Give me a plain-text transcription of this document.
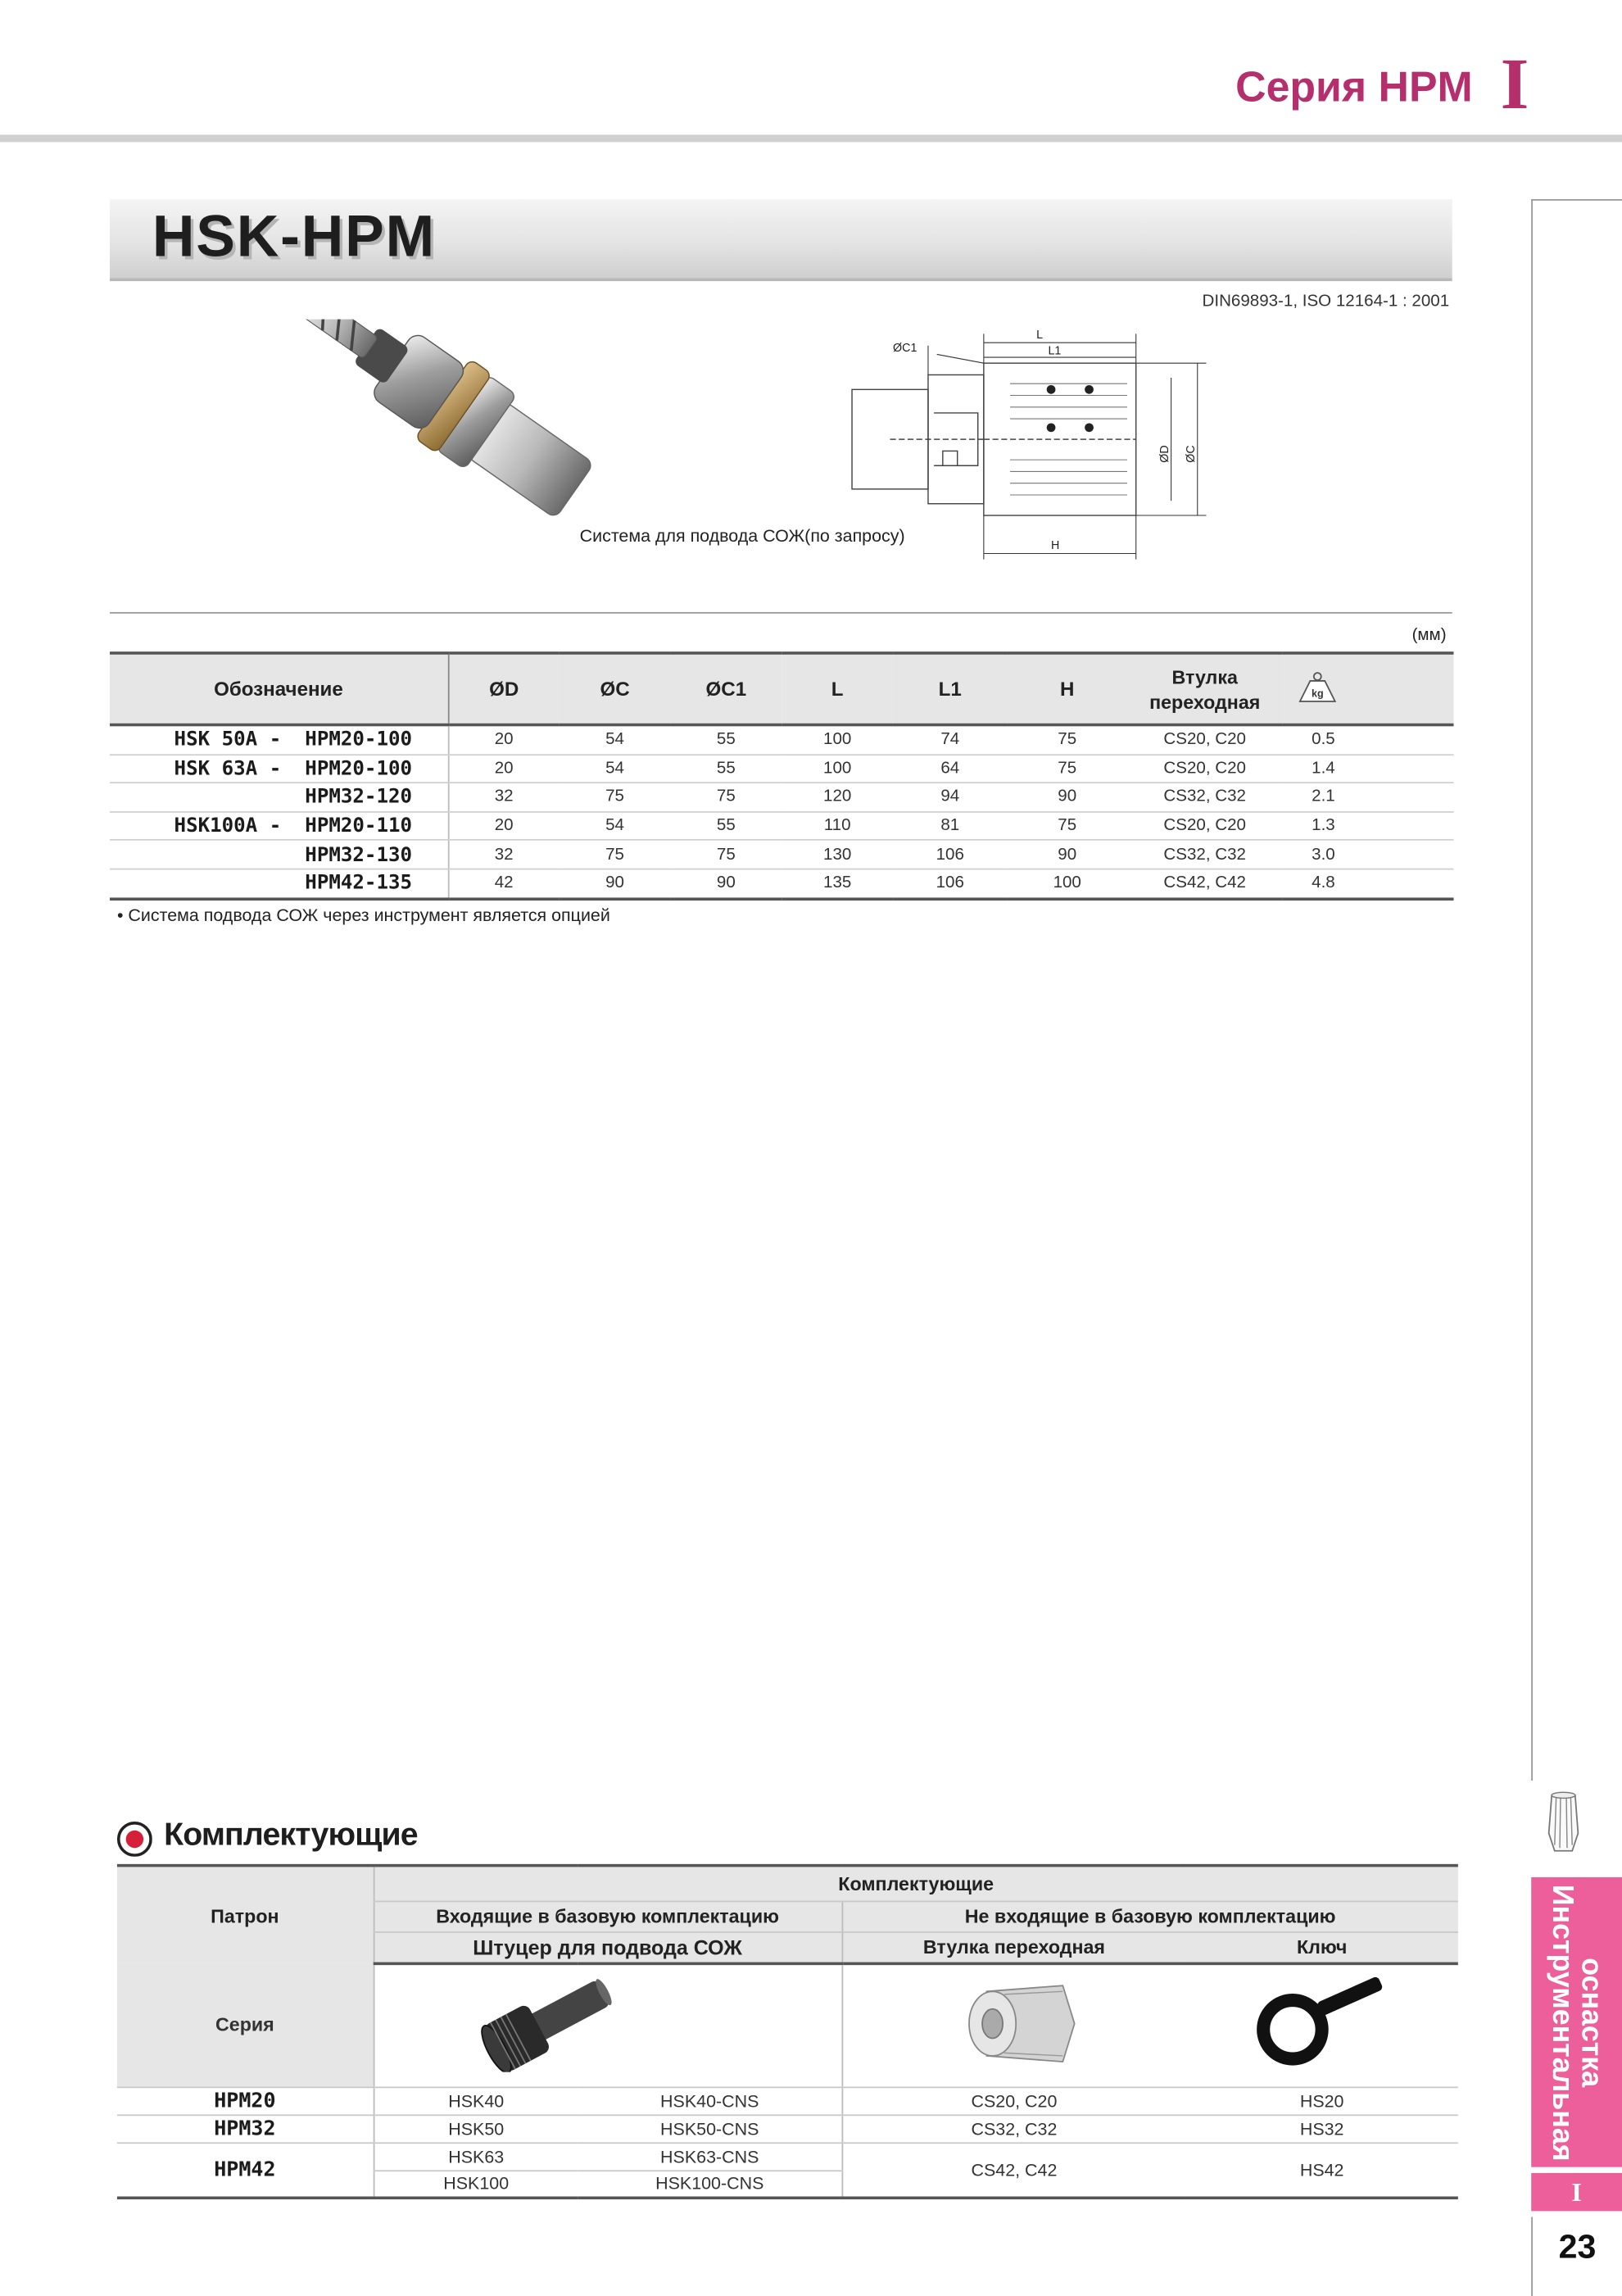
Серия HPM I
Инструментальная
оснастка
I
23
HSK-HPM
DIN69893-1, ISO 12164-1 : 2001
ØC1
L
L1
H
ØD ØC
Система для подвода СОЖ(по запросу)
(мм)
Обозначение	ØD	ØC	ØC1	L	L1	H	Втулка
переходная	kg

HSK 50A -  HPM20-100	20	54	55	100	74	75	CS20, C20	0.5
HSK 63A -  HPM20-100	20	54	55	100	64	75	CS20, C20	1.4
HPM32-120	32	75	75	120	94	90	CS32, C32	2.1
HSK100A -  HPM20-110	20	54	55	110	81	75	CS20, C20	1.3
HPM32-130	32	75	75	130	106	90	CS32, C32	3.0
HPM42-135	42	90	90	135	106	100	CS42, C42	4.8
• Система подвода СОЖ через инструмент является опцией
Комплектующие
Патрон	Комплектующие			
	Входящие в базовую комплектацию		Не входящие в базовую комплектацию	
	Штуцер для подвода СОЖ		Втулка переходная	Ключ
Серия			
HPM20	HSK40	HSK40-CNS	CS20, C20	HS20
HPM32	HSK50	HSK50-CNS	CS32, C32	HS32
HPM42	HSK63	HSK63-CNS	CS42, C42	HS42
	HSK100	HSK100-CNS		
